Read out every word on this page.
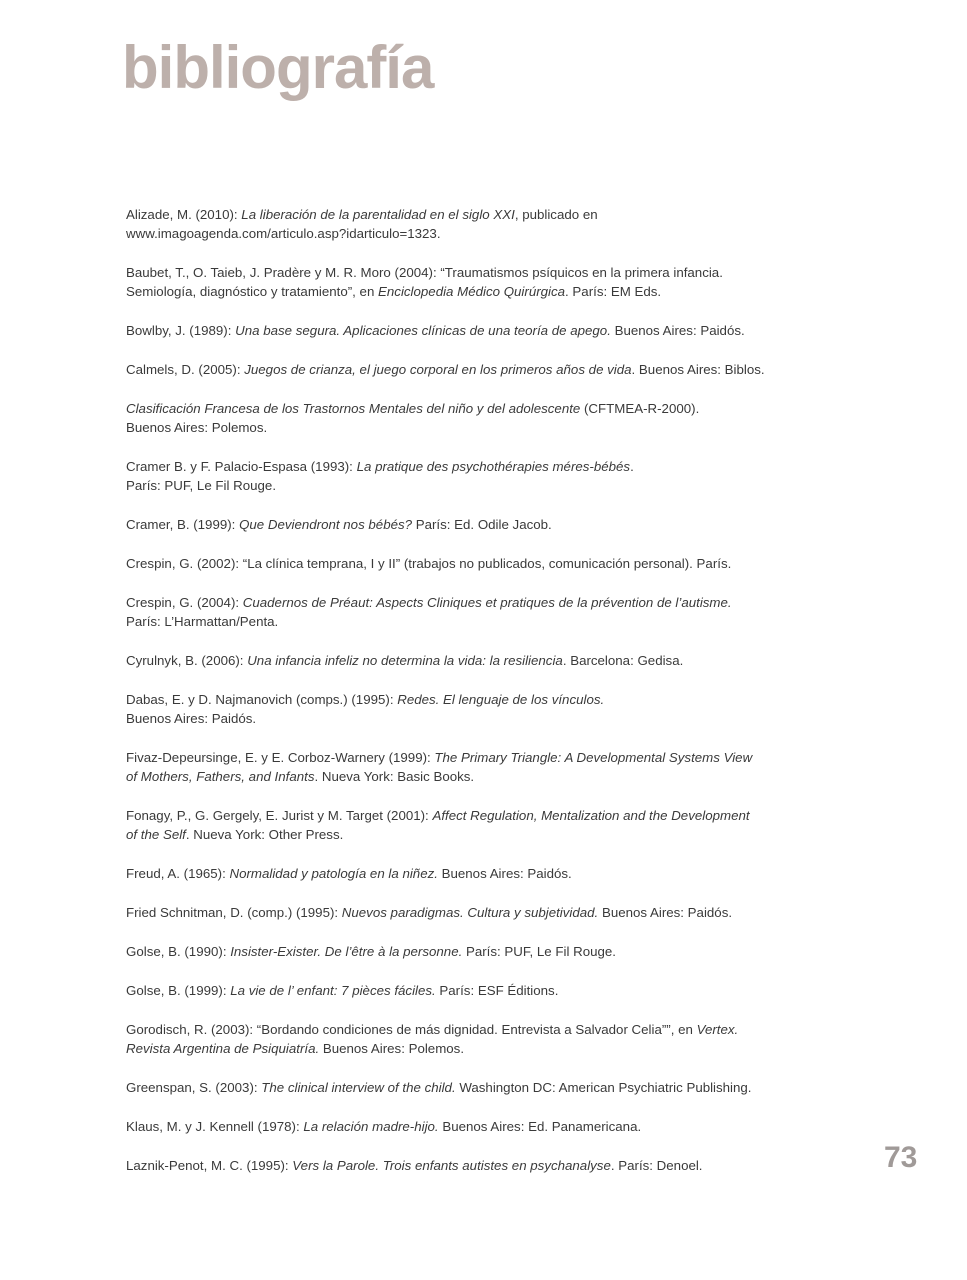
bibliografía

Alizade, M. (2010): La liberación de la parentalidad en el siglo XXI, publicado en
www.imagoagenda.com/articulo.asp?idarticulo=1323.

Baubet, T., O. Taieb, J. Pradère y M. R. Moro (2004): “Traumatismos psíquicos en la primera infancia.
Semiología, diagnóstico y tratamiento”, en Enciclopedia Médico Quirúrgica. París: EM Eds.

Bowlby, J. (1989): Una base segura. Aplicaciones clínicas de una teoría de apego. Buenos Aires: Paidós.

Calmels, D. (2005): Juegos de crianza, el juego corporal en los primeros años de vida. Buenos Aires: Biblos.

Clasificación Francesa de los Trastornos Mentales del niño y del adolescente (CFTMEA-R-2000).
Buenos Aires: Polemos.

Cramer B. y F. Palacio-Espasa (1993): La pratique des psychothérapies méres-bébés.
París: PUF, Le Fil Rouge.

Cramer, B. (1999): Que Deviendront nos bébés? París: Ed. Odile Jacob.

Crespin, G. (2002): “La clínica temprana, I y II” (trabajos no publicados, comunicación personal). París.

Crespin, G. (2004): Cuadernos de Préaut: Aspects Cliniques et pratiques de la prévention de l’autisme.
París: L’Harmattan/Penta.

Cyrulnyk, B. (2006): Una infancia infeliz no determina la vida: la resiliencia. Barcelona: Gedisa.

Dabas, E. y D. Najmanovich (comps.) (1995): Redes. El lenguaje de los vínculos.
Buenos Aires: Paidós.

Fivaz-Depeursinge, E. y E. Corboz-Warnery (1999): The Primary Triangle: A Developmental Systems View
of Mothers, Fathers, and Infants. Nueva York: Basic Books.

Fonagy, P., G. Gergely, E. Jurist y M. Target (2001): Affect Regulation, Mentalization and the Development
of the Self. Nueva York: Other Press.

Freud, A. (1965): Normalidad y patología en la niñez. Buenos Aires: Paidós.

Fried Schnitman, D. (comp.) (1995): Nuevos paradigmas. Cultura y subjetividad. Buenos Aires: Paidós.

Golse, B. (1990): Insister-Exister. De l’être à la personne. París: PUF, Le Fil Rouge.

Golse, B. (1999): La vie de l’ enfant: 7 pièces fáciles. París: ESF Éditions.

Gorodisch, R. (2003): “Bordando condiciones de más dignidad. Entrevista a Salvador Celia””, en Vertex.
Revista Argentina de Psiquiatría. Buenos Aires: Polemos.

Greenspan, S. (2003): The clinical interview of the child. Washington DC: American Psychiatric Publishing.

Klaus, M. y J. Kennell (1978): La relación madre-hijo. Buenos Aires: Ed. Panamericana.

Laznik-Penot, M. C. (1995): Vers la Parole. Trois enfants autistes en psychanalyse. París: Denoel.	73
